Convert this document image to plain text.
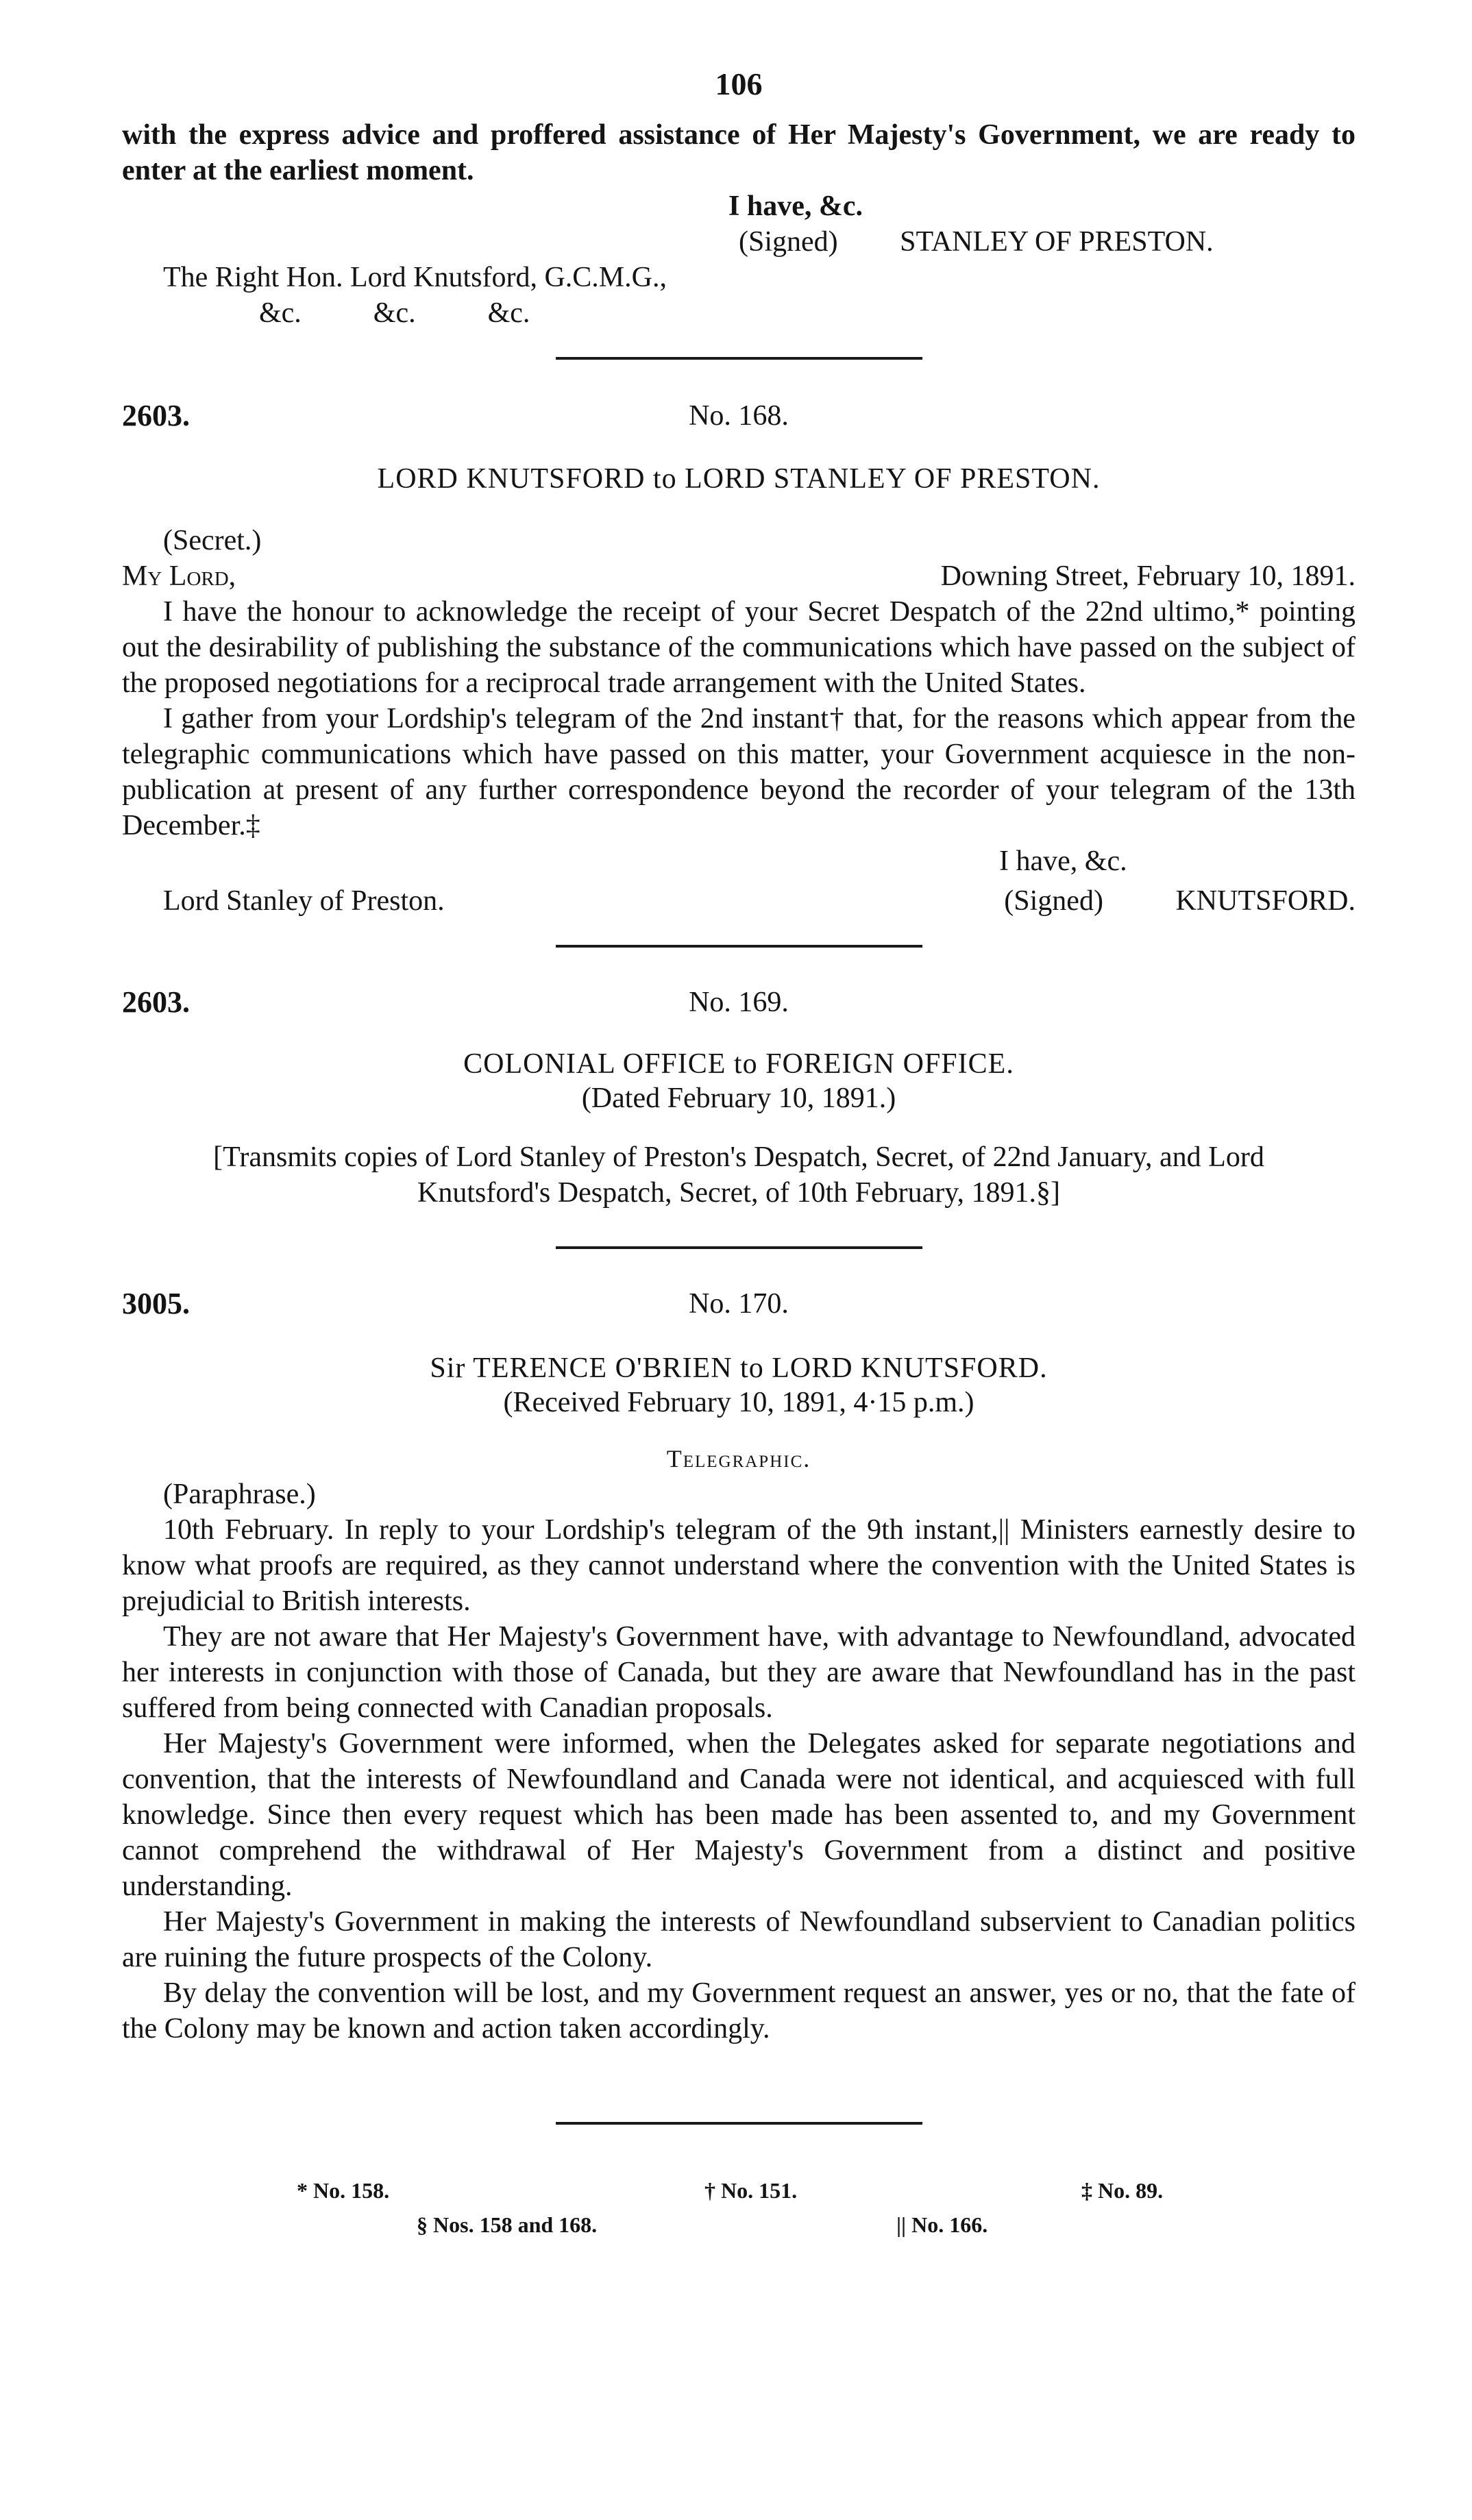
106

with the express advice and proffered assistance of Her Majesty's Government, we are ready to enter at the earliest moment.

I have, &c.

(Signed) STANLEY OF PRESTON.

The Right Hon. Lord Knutsford, G.C.M.G.,

&c.          &c.          &c.

2603.	No. 168.

LORD KNUTSFORD to LORD STANLEY OF PRESTON.

(Secret.)

My Lord,	Downing Street, February 10, 1891.

I have the honour to acknowledge the receipt of your Secret Despatch of the 22nd ultimo,* pointing out the desirability of publishing the substance of the communications which have passed on the subject of the proposed negotiations for a reciprocal trade arrangement with the United States.

I gather from your Lordship's telegram of the 2nd instant† that, for the reasons which appear from the telegraphic communications which have passed on this matter, your Government acquiesce in the non-publication at present of any further correspondence beyond the recorder of your telegram of the 13th December.‡

I have, &c.

Lord Stanley of Preston.	(Signed)	KNUTSFORD.
2603.	No. 169.

COLONIAL OFFICE to FOREIGN OFFICE.

(Dated February 10, 1891.)

[Transmits copies of Lord Stanley of Preston's Despatch, Secret, of 22nd January, and Lord Knutsford's Despatch, Secret, of 10th February, 1891.§]

3005.	No. 170.

Sir TERENCE O'BRIEN to LORD KNUTSFORD.

(Received February 10, 1891, 4·15 p.m.)

Telegraphic.

(Paraphrase.)

10th February. In reply to your Lordship's telegram of the 9th instant,|| Ministers earnestly desire to know what proofs are required, as they cannot understand where the convention with the United States is prejudicial to British interests.

They are not aware that Her Majesty's Government have, with advantage to Newfoundland, advocated her interests in conjunction with those of Canada, but they are aware that Newfoundland has in the past suffered from being connected with Canadian proposals.

Her Majesty's Government were informed, when the Delegates asked for separate negotiations and convention, that the interests of Newfoundland and Canada were not identical, and acquiesced with full knowledge. Since then every request which has been made has been assented to, and my Government cannot comprehend the withdrawal of Her Majesty's Government from a distinct and positive understanding.

Her Majesty's Government in making the interests of Newfoundland subservient to Canadian politics are ruining the future prospects of the Colony.

By delay the convention will be lost, and my Government request an answer, yes or no, that the fate of the Colony may be known and action taken accordingly.

* No. 158.	† No. 151.	‡ No. 89.
§ Nos. 158 and 168.	|| No. 166.
